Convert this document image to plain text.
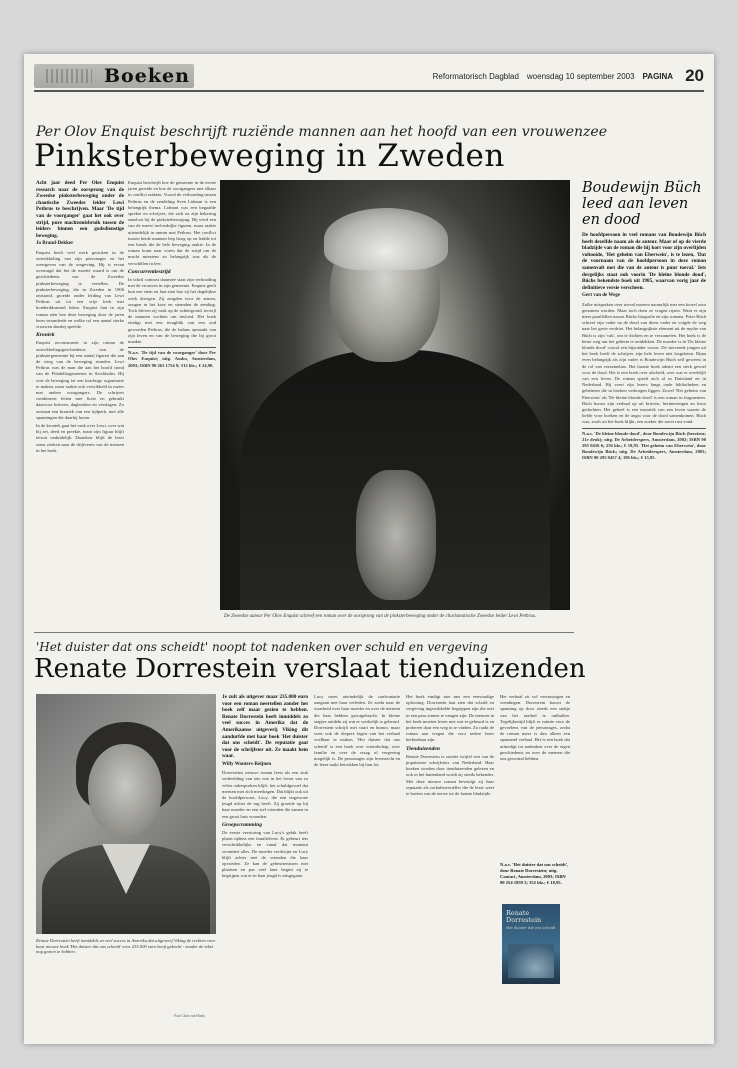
Boeken	Reformatorisch Dagblad woensdag 10 september 2003 PAGINA 20
Per Olov Enquist beschrijft ruziënde mannen aan het hoofd van een vrouwenzee
Pinksterbeweging in Zweden

Acht jaar deed Per Olov Enquist research naar de oorsprong van de Zweedse pinksterbeweging onder de chaotische Zweedse leider Lewi Pethrus te beschrijven. Maar 'De tijd van de voorganger' gaat het ook over strijd, pure machtsmisbruik tussen de leiders binnen een godsdienstige beweging.

Jo Brand-Dekker

Enquist heeft veel werk gestoken in de ontwikkeling van zijn personages en het weergeven van de omgeving. Hij is ervan overtuigd dat het de moeite waard is om de geschiedenis van de Zweedse pinksterbeweging te vertellen. De pinksterbeweging, die in Zweden in 1906 ontstond, groeide onder leiding van Lewi Pethrus uit tot een vrije kerk met honderdduizend leden. Enquist laat in zijn roman zien hoe deze beweging door de jaren heen veranderde en welke rol een aantal sterke vrouwen daarbij speelde.

Kroniek

Enquist reconstrueert in zijn roman de ontwikkelingsgeschiedenis van de pinkstergemeente bij een aantal figuren die aan de wieg van de beweging stonden. Lewi Pethrus was de man die aan het hoofd stond van de Filadelfiagemeente in Stockholm. Hij wist de beweging tot een krachtige organisatie te maken, maar raakte ook verwikkeld in ruzies met andere voorgangers. De schrijver combineert feiten met fictie en gebruikt daarvoor brieven, dagboeken en verslagen. Zo ontstaat een kroniek van een tijdperk, met alle spanningen die daarbij horen.

In de kroniek gaat het vaak over Lewi, over wat hij zei, deed en preekte, maar zijn figuur blijft ietwat onduidelijk. Daardoor blijft de lezer soms zoeken naar de drijfveren van de mensen in het boek.

Enquist beschrijft hoe de gemeente in de eerste jaren groeide en hoe de voorgangers met elkaar in conflict raakten. Vooral de verhouding tussen Pethrus en de zendeling Sven Lidman is een belangrijk thema. Lidman was een begaafde spreker en schrijver, die zich na zijn bekering aansloot bij de pinksterbeweging. Hij werd een van de meest invloedrijke figuren, maar raakte uiteindelijk in onmin met Pethrus. Het conflict tussen beide mannen liep hoog op en leidde tot een breuk die de hele beweging raakte. In de roman komt naar voren dat de strijd om de macht minstens zo belangrijk was als de verschillen in leer.

Concurrentiestrijd

In schril contrast daarmee staat zijn verhouding met de vrouwen in zijn gemeente. Enquist geeft hun een stem en laat zien hoe zij het dagelijkse werk droegen. Zij zorgden voor de armen, zongen in het koor en steunden de zending. Toch bleven zij vaak op de achtergrond, terwijl de mannen vochten om invloed. Het boek eindigt met een terugblik van een oud geworden Pethrus, die de balans opmaakt van zijn leven en van de beweging die hij groot maakte.

N.a.v. 'De tijd van de voorganger' door Per Olov Enquist; uitg. Ambo, Amsterdam, 2003; ISBN 90 263 1754 9; 512 blz.; € 24,90.

De Zweedse auteur Per Olov Enquist schreef een roman over de oorsprong van de pinksterbeweging onder de charismatische Zweedse leider Lewi Pethrus.
Boudewijn Büch leed aan leven en dood

De hoofdpersoon in veel romans van Boudewijn Büch heeft dezelfde naam als de auteur. Maar of op de vierde bladzijde van de roman die hij kort voor zijn overlijden voltooide, 'Het geheim van Eberwein', is te lezen, 'Dat de voornaam van de hoofdpersoon in deze roman samenvalt met die van de auteur is puur toeval.' Iets dergelijks staat ook voorin 'De kleine blonde dood', Büchs bekendste boek uit 1985, waarvan vorig jaar de definitieve versie verscheen.

Gert van de Wege

Zulke uitspraken over toeval moeten natuurlijk met een korrel zout genomen worden. Maar toch doen ze vragen rijzen. Want er zijn meer parallellen tussen Büchs biografie en zijn romans. Peter Büch schreef zijn vader na de dood van diens vader en volgde de weg naar het grote verdriet. Het belangrijkste element uit de mythe van Büch is zijn 'vak', om te dichten en te verzamelen. Het boek is de beste weg om het geheim te ontdekken. De moeder is in 'De kleine blonde dood' vooral een bijzonder vrouw. De stervende jongen uit het boek heeft de schrijver zijn hele leven niet losgelaten. Bijna even belangrijk als zijn vader is Boudewijn Büch zelf geweest in de rol van verzamelaar. Het laatste boek ademt een sterk gevoel voor de dood. Het is een boek over afscheid, over wat er overblijft van een leven. De roman speelt zich af in Duitsland en in Nederland. Hij voert zijn lezers langs oude bibliotheken en geheimen die in boeken verborgen liggen. Zowel 'Het geheim van Eberwein' als 'De kleine blonde dood' is een roman in fragmenten. Büch bouwt zijn verhaal op uit brieven, herinneringen en losse gedachten. Het geheel is een mozaïek van een leven waarin de liefde voor boeken en de angst voor de dood samenkomen. Büch was, zoals uit het boek blijkt, een zoeker die nooit rust vond.

N.a.v. 'De kleine blonde dood', door Boudewijn Büch (herziene, 21e druk); uitg. De Arbeiderspers, Amsterdam, 2002; ISBN 90 295 0456 6; 256 blz.; € 19,95. 'Het geheim van Eberwein', door Boudewijn Büch; uitg. De Arbeiderspers, Amsterdam, 2003; ISBN 90 295 0457 4; 196 blz.; € 15,95.

'Het duister dat ons scheidt' noopt tot nadenken over schuld en vergeving
Renate Dorrestein verslaat tienduizenden
Renate Dorrestein heeft inmiddels zo veel succes in Amerika dat uitgeverij Viking de rechten voor haar nieuwe boek 'Het duister dat ons scheidt' voor 235.000 euro heeft gekocht - zonder de tekst nog gezien te hebben.
Foto Chris van Houts

Je zult als uitgever maar 235.000 euro voor een roman neertellen zonder het boek zelf maar gezien te hebben. Renate Dorrestein heeft inmiddels zo veel succes in Amerika dat de Amerikaanse uitgeverij Viking dit aandurfde met haar boek 'Het duister dat ons scheidt'. De reputatie gaat voor de schrijfster uit. Ze maakt hem waar.

Willy Wouters-Reijnen

Dorresteins nieuwe roman leest als een stuk verbeelding van iets wat in het leven van zo velen onbesproken blijft: het schuldgevoel dat mensen met zich meedragen. Dat blijkt ook uit de hoofdpersoon, Lucy, die een ongewone jeugd achter de rug heeft. Zij groeide op bij haar moeder en een stel vrienden die samen in een groot huis woonden.

Groepscramming

De eerste verstoring van Lucy's geluk heeft plaats tijdens een familiefeest. Er gebeurt iets verschrikkelijks en vanaf dat moment verandert alles. De moeder verdwijnt en Lucy blijft achter met de vrienden die haar opvoeden. Ze kan de gebeurtenissen niet plaatsen en pas veel later begint zij te begrijpen wat er in haar jeugd is misgegaan.

Lucy moet uiteindelijk de confrontatie aangaan met haar verleden. Ze zoekt naar de waarheid over haar moeder en over de mensen die haar hebben grootgebracht. In kleine stapjes ontdekt zij wat er werkelijk is gebeurd. Dorrestein schrijft met vaart en humor, maar weet ook de diepere lagen van het verhaal voelbaar te maken. 'Het duister dat ons scheidt' is een boek over vriendschap, over familie en over de vraag of vergeving mogelijk is. De personages zijn levensecht en de lezer raakt betrokken bij hun lot.

Het boek eindigt niet met een eenvoudige oplossing. Dorrestein laat zien dat schuld en vergeving ingewikkelde begrippen zijn die niet in een paar zinnen te vangen zijn. De mensen in het boek moeten leven met wat er gebeurd is en proberen daar een weg in te vinden. Zo raakt de roman aan vragen die voor iedere lezer herkenbaar zijn.

Tienduizenden

Renate Dorrestein is zonder twijfel een van de populairste schrijfsters van Nederland. Haar boeken worden door tienduizenden gelezen en ook in het buitenland wordt zij steeds bekender. Met deze nieuwe roman bevestigt zij haar reputatie als verhalenverteller die de lezer weet te boeien van de eerste tot de laatste bladzijde.

Het verhaal zit vol verrassingen en wendingen. Dorrestein bouwt de spanning op door steeds een stukje van het raadsel te onthullen. Tegelijkertijd blijft er ruimte voor de gevoelens van de personages, zodat de roman meer is dan alleen een spannend verhaal. Het is een boek dat uitnodigt tot nadenken over de eigen geschiedenis en over de mensen die ons gevormd hebben.

N.a.v. 'Het duister dat ons scheidt', door Renate Dorrestein; uitg. Contact, Amsterdam, 2003; ISBN 90 254 1859 5; 352 blz.; € 18,95.
Renate Dorrestein
Het duister dat ons scheidt
